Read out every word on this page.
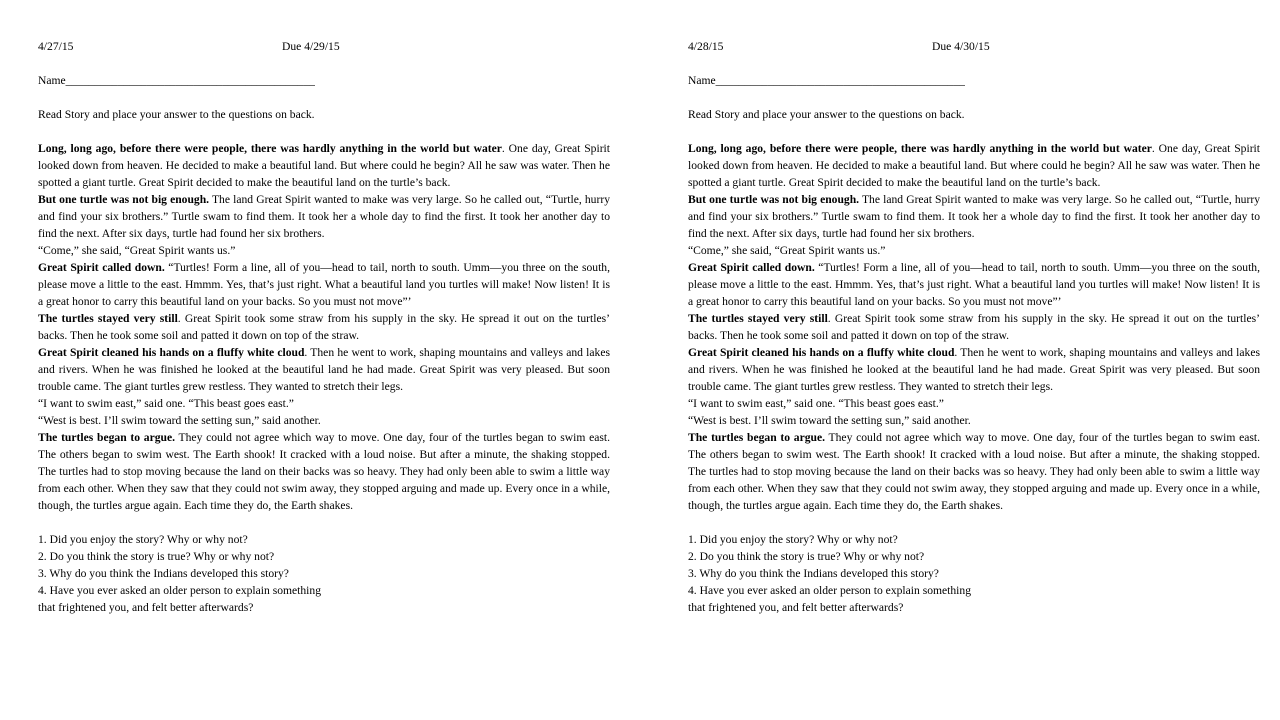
4/27/15	Due 4/29/15
Name___________________________________________
Read Story and place your answer to the questions on back.

Long, long ago, before there were people, there was hardly anything in the world but water. One day, Great Spirit looked down from heaven. He decided to make a beautiful land. But where could he begin? All he saw was water. Then he spotted a giant turtle. Great Spirit decided to make the beautiful land on the turtle’s back.

But one turtle was not big enough. The land Great Spirit wanted to make was very large. So he called out, “Turtle, hurry and find your six brothers.” Turtle swam to find them. It took her a whole day to find the first. It took her another day to find the next. After six days, turtle had found her six brothers.

“Come,” she said, “Great Spirit wants us.”

Great Spirit called down. “Turtles! Form a line, all of you—head to tail, north to south. Umm—you three on the south, please move a little to the east. Hmmm. Yes, that’s just right. What a beautiful land you turtles will make! Now listen! It is a great honor to carry this beautiful land on your backs. So you must not move”’

The turtles stayed very still. Great Spirit took some straw from his supply in the sky. He spread it out on the turtles’ backs. Then he took some soil and patted it down on top of the straw.

Great Spirit cleaned his hands on a fluffy white cloud. Then he went to work, shaping mountains and valleys and lakes and rivers. When he was finished he looked at the beautiful land he had made. Great Spirit was very pleased. But soon trouble came. The giant turtles grew restless. They wanted to stretch their legs.

“I want to swim east,” said one. “This beast goes east.”

“West is best. I’ll swim toward the setting sun,” said another.

The turtles began to argue. They could not agree which way to move. One day, four of the turtles began to swim east. The others began to swim west. The Earth shook! It cracked with a loud noise. But after a minute, the shaking stopped. The turtles had to stop moving because the land on their backs was so heavy. They had only been able to swim a little way from each other. When they saw that they could not swim away, they stopped arguing and made up. Every once in a while, though, the turtles argue again. Each time they do, the Earth shakes.

1. Did you enjoy the story? Why or why not?
2. Do you think the story is true? Why or why not?
3. Why do you think the Indians developed this story?
4. Have you ever asked an older person to explain something
that frightened you, and felt better afterwards?
4/28/15	Due 4/30/15
Name___________________________________________
Read Story and place your answer to the questions on back.

Long, long ago, before there were people, there was hardly anything in the world but water. One day, Great Spirit looked down from heaven. He decided to make a beautiful land. But where could he begin? All he saw was water. Then he spotted a giant turtle. Great Spirit decided to make the beautiful land on the turtle’s back.

But one turtle was not big enough. The land Great Spirit wanted to make was very large. So he called out, “Turtle, hurry and find your six brothers.” Turtle swam to find them. It took her a whole day to find the first. It took her another day to find the next. After six days, turtle had found her six brothers.

“Come,” she said, “Great Spirit wants us.”

Great Spirit called down. “Turtles! Form a line, all of you—head to tail, north to south. Umm—you three on the south, please move a little to the east. Hmmm. Yes, that’s just right. What a beautiful land you turtles will make! Now listen! It is a great honor to carry this beautiful land on your backs. So you must not move”’

The turtles stayed very still. Great Spirit took some straw from his supply in the sky. He spread it out on the turtles’ backs. Then he took some soil and patted it down on top of the straw.

Great Spirit cleaned his hands on a fluffy white cloud. Then he went to work, shaping mountains and valleys and lakes and rivers. When he was finished he looked at the beautiful land he had made. Great Spirit was very pleased. But soon trouble came. The giant turtles grew restless. They wanted to stretch their legs.

“I want to swim east,” said one. “This beast goes east.”

“West is best. I’ll swim toward the setting sun,” said another.

The turtles began to argue. They could not agree which way to move. One day, four of the turtles began to swim east. The others began to swim west. The Earth shook! It cracked with a loud noise. But after a minute, the shaking stopped. The turtles had to stop moving because the land on their backs was so heavy. They had only been able to swim a little way from each other. When they saw that they could not swim away, they stopped arguing and made up. Every once in a while, though, the turtles argue again. Each time they do, the Earth shakes.

1. Did you enjoy the story? Why or why not?
2. Do you think the story is true? Why or why not?
3. Why do you think the Indians developed this story?
4. Have you ever asked an older person to explain something
that frightened you, and felt better afterwards?
